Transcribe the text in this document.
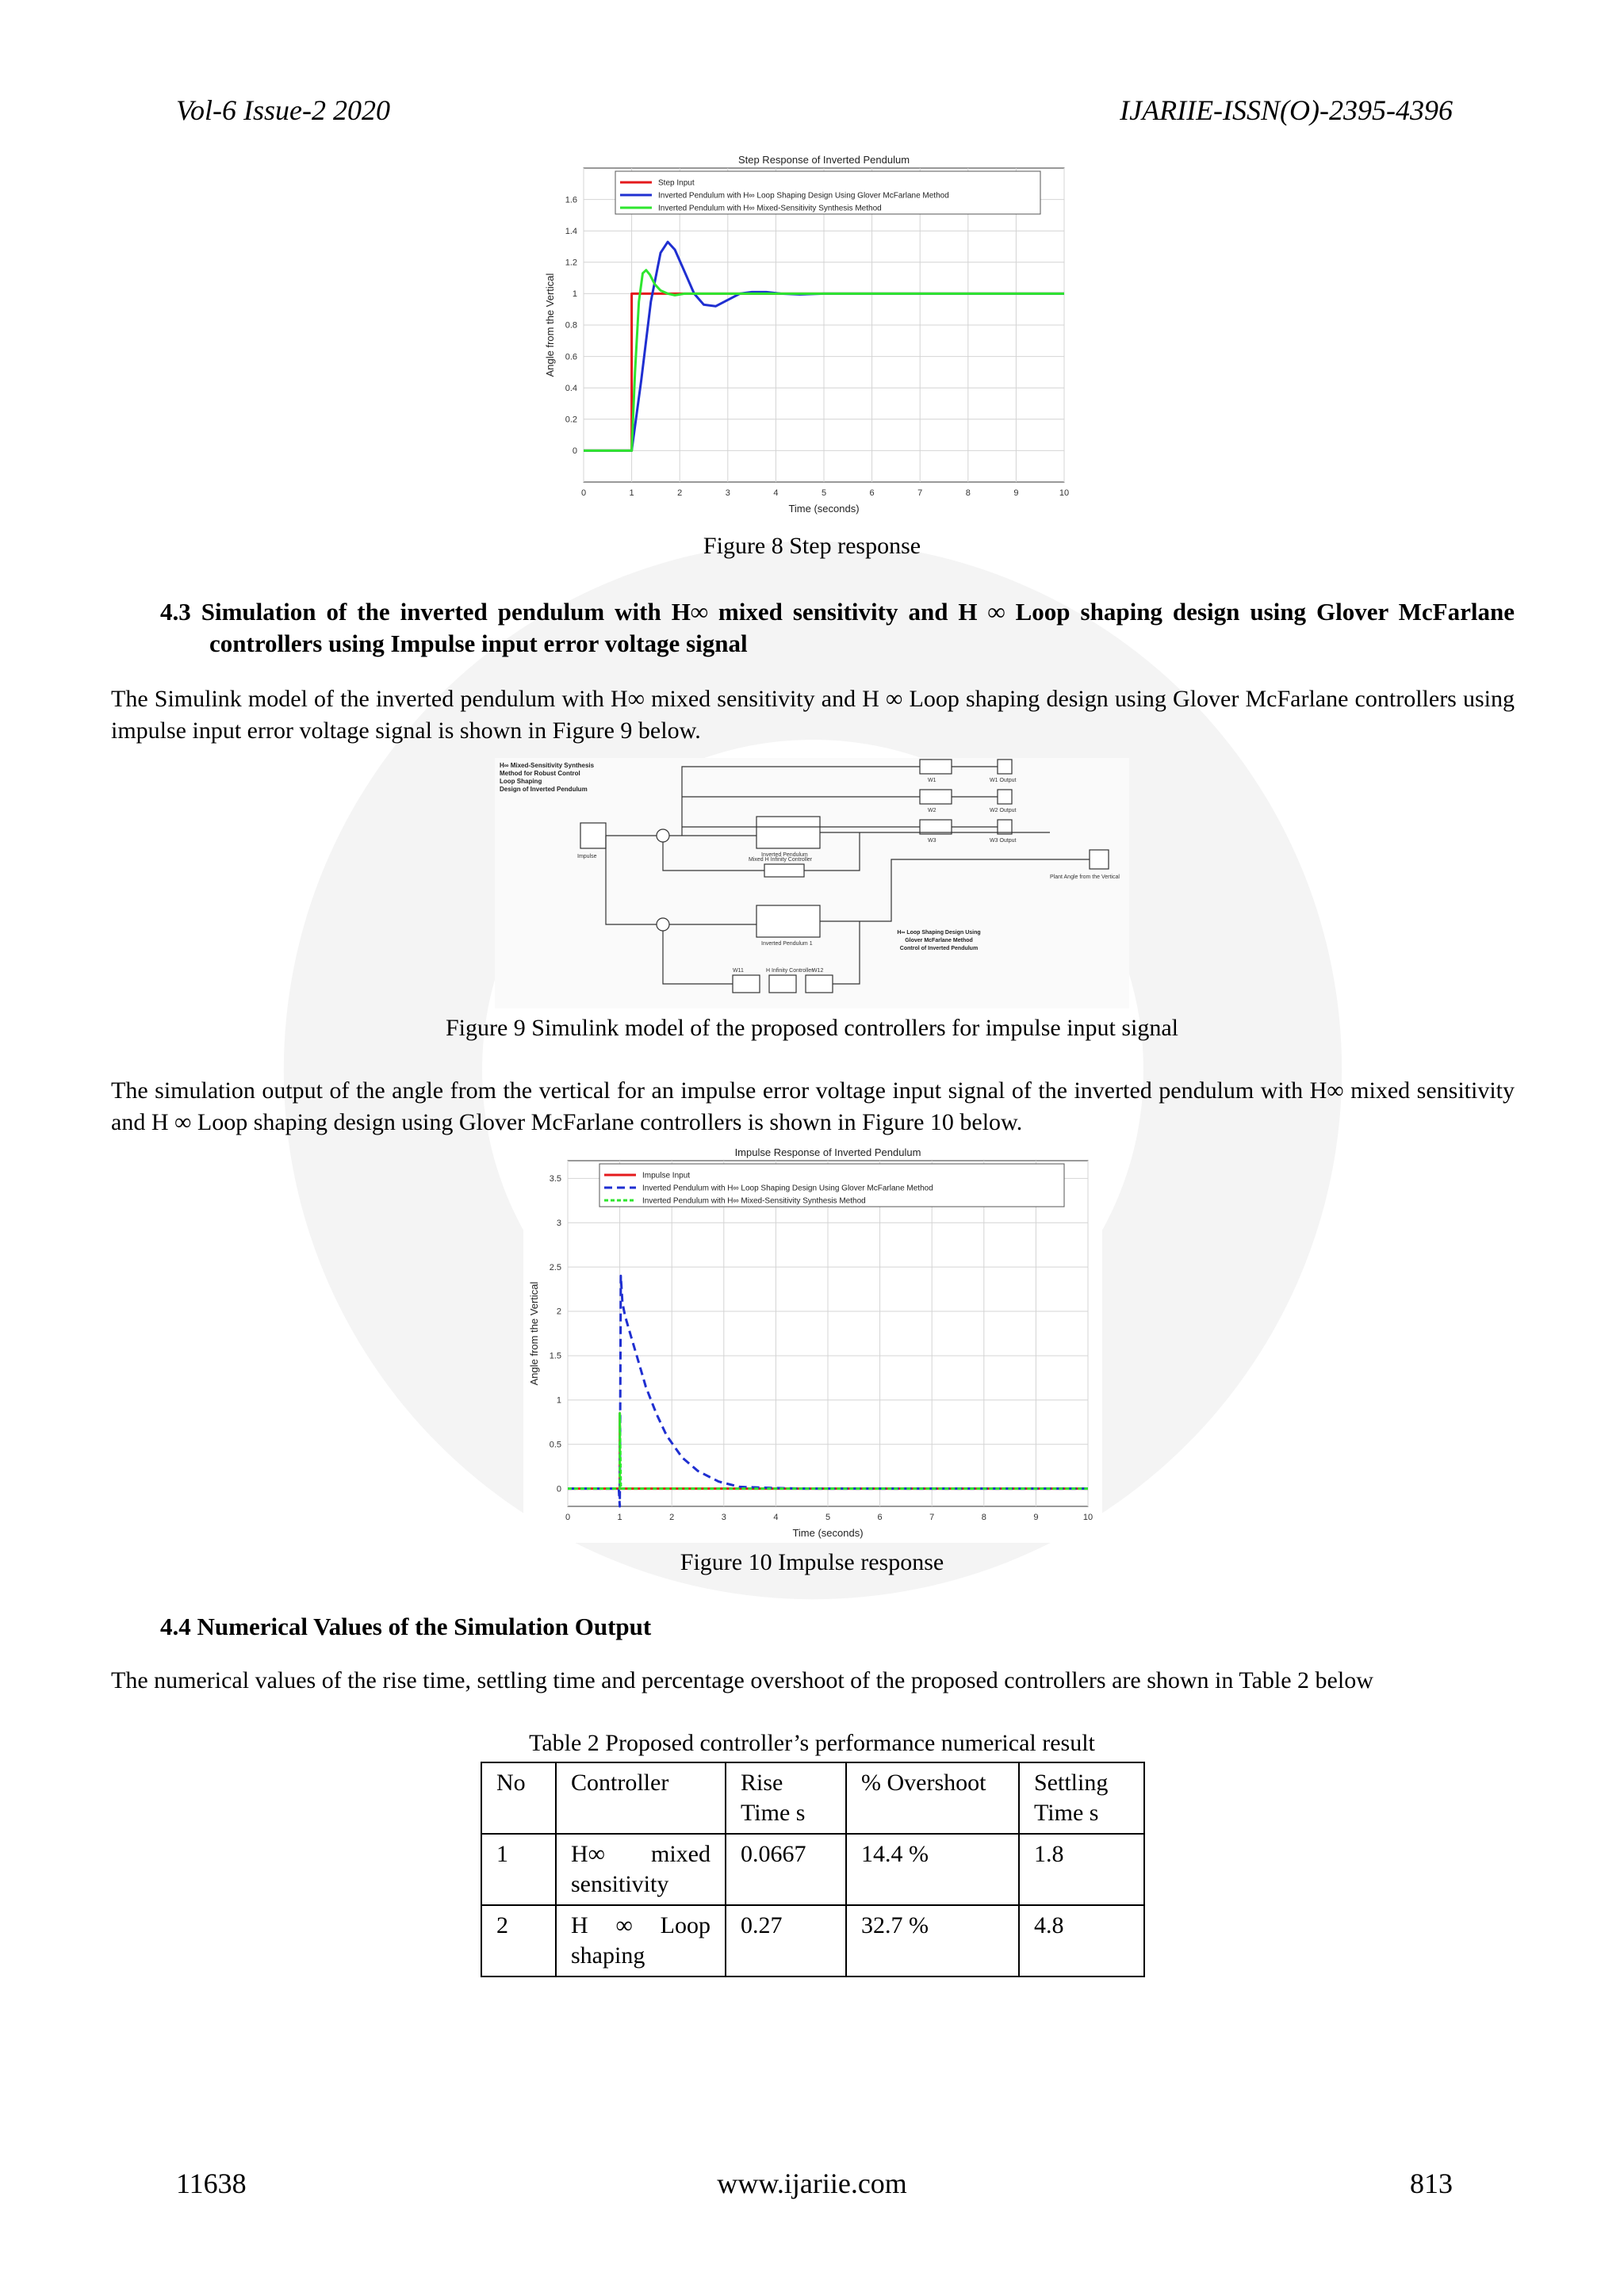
Vol-6 Issue-2 2020	IJARIIE-ISSN(O)-2395-4396
0	1	2	3	4	5	6	7	8	9	10
0
0.2
0.4
0.6
0.8
1
1.2
1.4
1.6
Step Response of Inverted Pendulum
Time (seconds)
Angle from the Vertical
Step Input
Inverted Pendulum with H∞ Loop Shaping Design Using Glover McFarlane Method
Inverted Pendulum with H∞ Mixed-Sensitivity Synthesis Method
Figure 8 Step response
4.3 Simulation of the inverted pendulum with H∞ mixed sensitivity and H ∞ Loop shaping design using Glover McFarlane controllers using Impulse input error voltage signal
The Simulink model of the inverted pendulum with H∞ mixed sensitivity and H ∞ Loop shaping design using Glover McFarlane controllers using impulse input error voltage signal is shown in Figure 9 below.
H∞ Mixed-Sensitivity Synthesis
Method for Robust Control
Loop Shaping
Design of Inverted Pendulum
Impulse	Inverted Pendulum
Inverted Pendulum 1
Mixed H Infinity Controller
W11	H Infinity Controller
W12
W1
W2
W3
W1 Output
W2 Output
W3 Output
Plant Angle from the Vertical
H∞ Loop Shaping Design Using
Glover McFarlane Method
Control of Inverted Pendulum
Figure 9 Simulink model of the proposed controllers for impulse input signal
The simulation output of the angle from the vertical for an impulse error voltage input signal of the inverted pendulum with H∞ mixed sensitivity and H ∞ Loop shaping design using Glover McFarlane controllers is shown in Figure 10 below.
0	1	2	3	4	5	6	7	8	9	10
0
0.5
1
1.5
2
2.5
3
3.5
Impulse Response of Inverted Pendulum
Time (seconds)
Angle from the Vertical
Impulse Input
Inverted Pendulum with H∞ Loop Shaping Design Using Glover McFarlane Method
Inverted Pendulum with H∞ Mixed-Sensitivity Synthesis Method
Figure 10 Impulse response
4.4 Numerical Values of the Simulation Output
The numerical values of the rise time, settling time and percentage overshoot of the proposed controllers are shown in Table 2 below
Table 2 Proposed controller’s performance numerical result
No	Controller	Rise Time s	% Overshoot	Settling Time s
1	H∞ mixed sensitivity	0.0667	14.4 %	1.8
2	H ∞ Loop shaping	0.27	32.7 %	4.8
11638	www.ijariie.com	813
